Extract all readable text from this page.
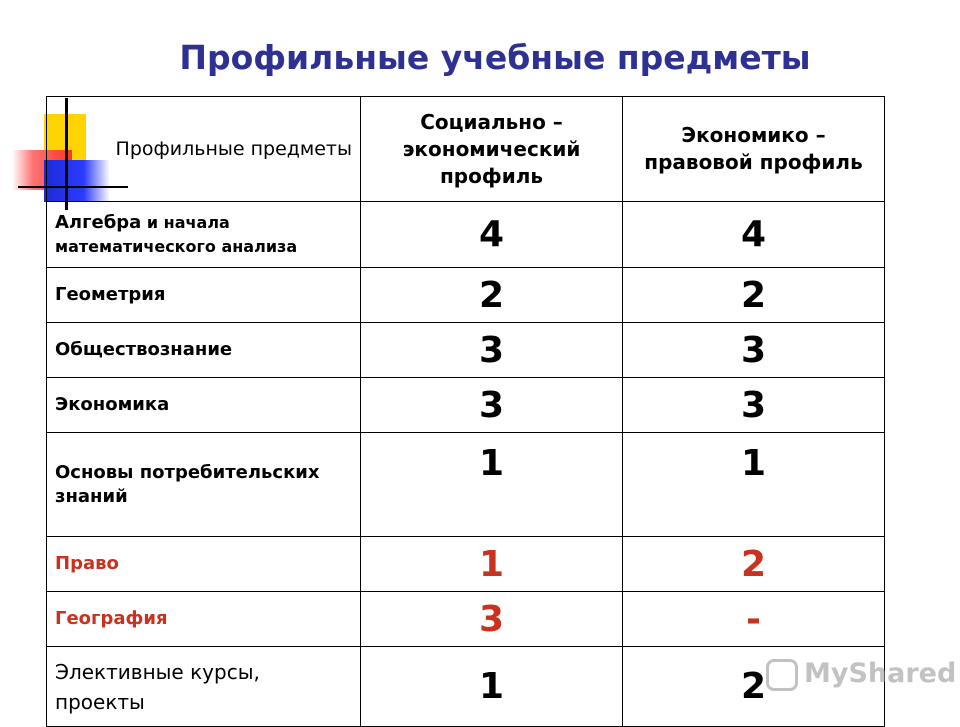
Профильные учебные предметы
Профильные предметы	Социально – экономический профиль	Экономико – правовой профиль
Алгебра и начала математического анализа	4	4
Геометрия	2	2
Обществознание	3	3
Экономика	3	3
Основы потребительских знаний	1	1
Право	1	2
География	3	-
Элективные курсы, проекты	1	2	MyShared
